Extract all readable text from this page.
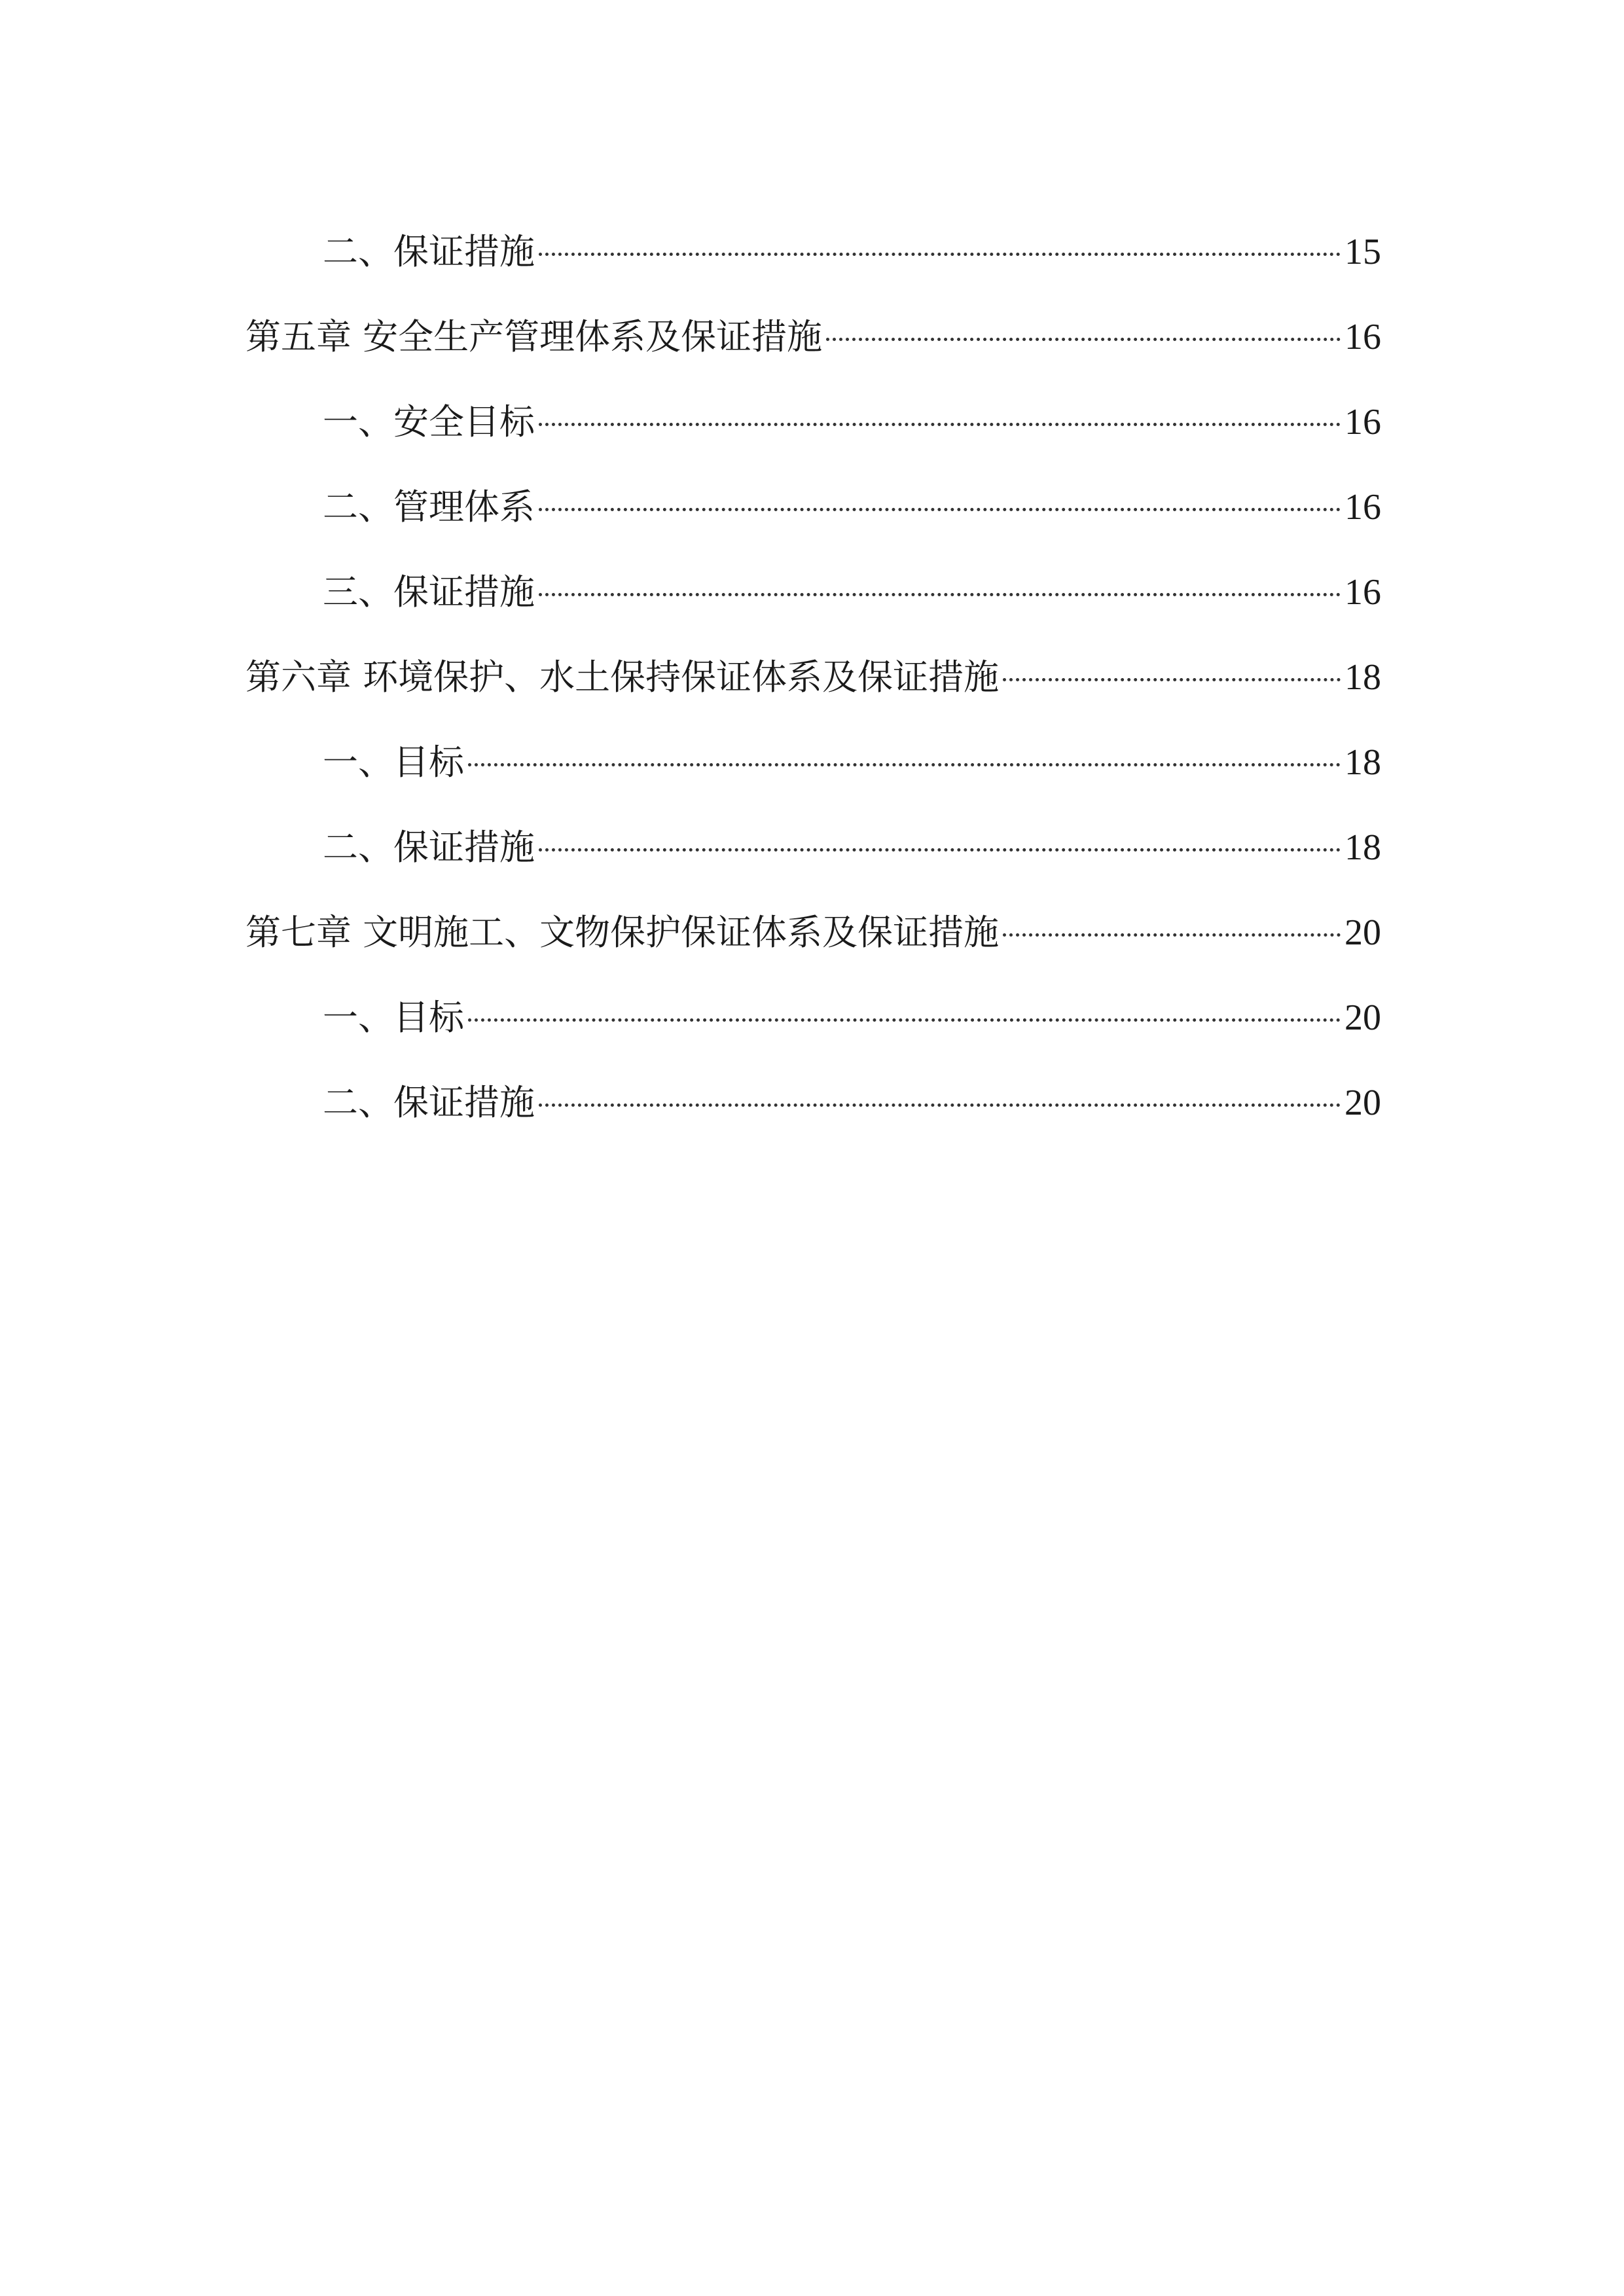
二、保证措施	15
第五章 安全生产管理体系及保证措施	16
一、安全目标	16
二、管理体系	16
三、保证措施	16
第六章 环境保护、水土保持保证体系及保证措施	18
一、目标	18
二、保证措施	18
第七章 文明施工、文物保护保证体系及保证措施	20
一、目标	20
二、保证措施	20
